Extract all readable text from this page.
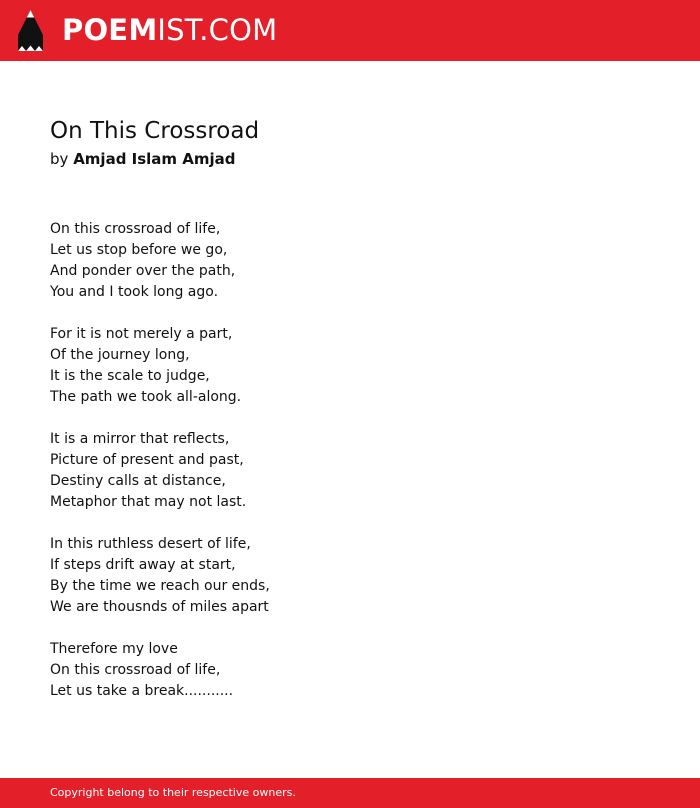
POEMIST.COM
On This Crossroad
by Amjad Islam Amjad
On this crossroad of life,
Let us stop before we go,
And ponder over the path,
You and I took long ago.
For it is not merely a part,
Of the journey long,
It is the scale to judge,
The path we took all-along.
It is a mirror that reflects,
Picture of present and past,
Destiny calls at distance,
Metaphor that may not last.
In this ruthless desert of life,
If steps drift away at start,
By the time we reach our ends,
We are thousnds of miles apart
Therefore my love
On this crossroad of life,
Let us take a break...........
Copyright belong to their respective owners.
